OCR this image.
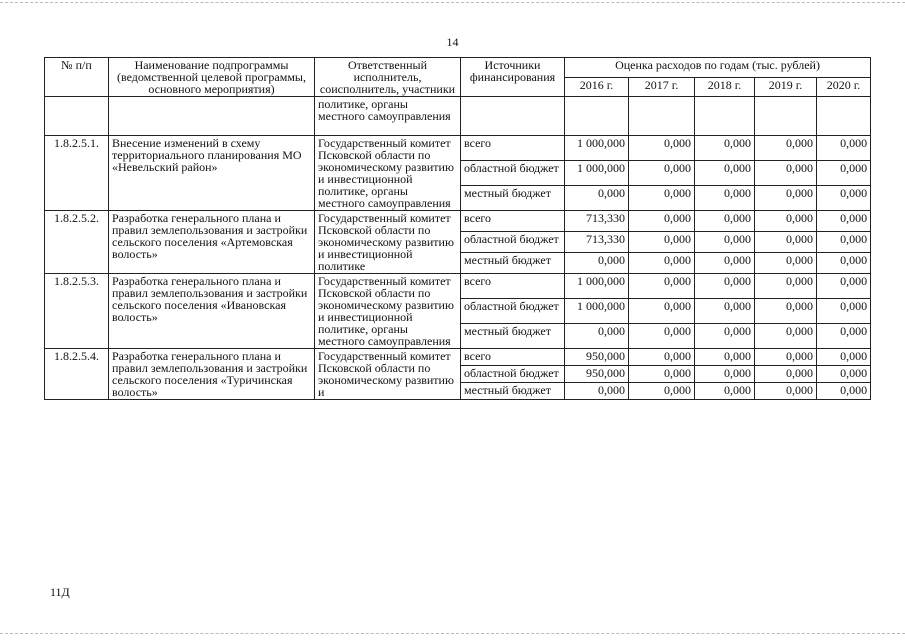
14
№ п/п	Наименование подпрограммы (ведомственной целевой программы, основного мероприятия)	Ответственный исполнитель, соисполнитель, участники	Источники финансирования	Оценка расходов по годам (тыс. рублей)				
				2016 г.	2017 г.	2018 г.	2019 г.	2020 г.
		политике, органы местного самоуправления						
1.8.2.5.1.	Внесение изменений в схему территориального планирования МО «Невельский район»	Государственный комитет Псковской области по экономическому развитию и инвестиционной политике, органы местного самоуправления	всего	1 000,000	0,000	0,000	0,000	0,000
			областной бюджет	1 000,000	0,000	0,000	0,000	0,000
			местный бюджет	0,000	0,000	0,000	0,000	0,000
1.8.2.5.2.	Разработка генерального плана и правил землепользования и застройки сельского поселения «Артемовская волость»	Государственный комитет Псковской области по экономическому развитию и инвестиционной политике	всего	713,330	0,000	0,000	0,000	0,000
			областной бюджет	713,330	0,000	0,000	0,000	0,000
			местный бюджет	0,000	0,000	0,000	0,000	0,000
1.8.2.5.3.	Разработка генерального плана и правил землепользования и застройки сельского поселения «Ивановская волость»	Государственный комитет Псковской области по экономическому развитию и инвестиционной политике, органы местного самоуправления	всего	1 000,000	0,000	0,000	0,000	0,000
			областной бюджет	1 000,000	0,000	0,000	0,000	0,000
			местный бюджет	0,000	0,000	0,000	0,000	0,000
1.8.2.5.4.	Разработка генерального плана и правил землепользования и застройки сельского поселения «Туричинская волость»	Государственный комитет Псковской области по экономическому развитию и	всего	950,000	0,000	0,000	0,000	0,000
			областной бюджет	950,000	0,000	0,000	0,000	0,000
			местный бюджет	0,000	0,000	0,000	0,000	0,000
11Д
